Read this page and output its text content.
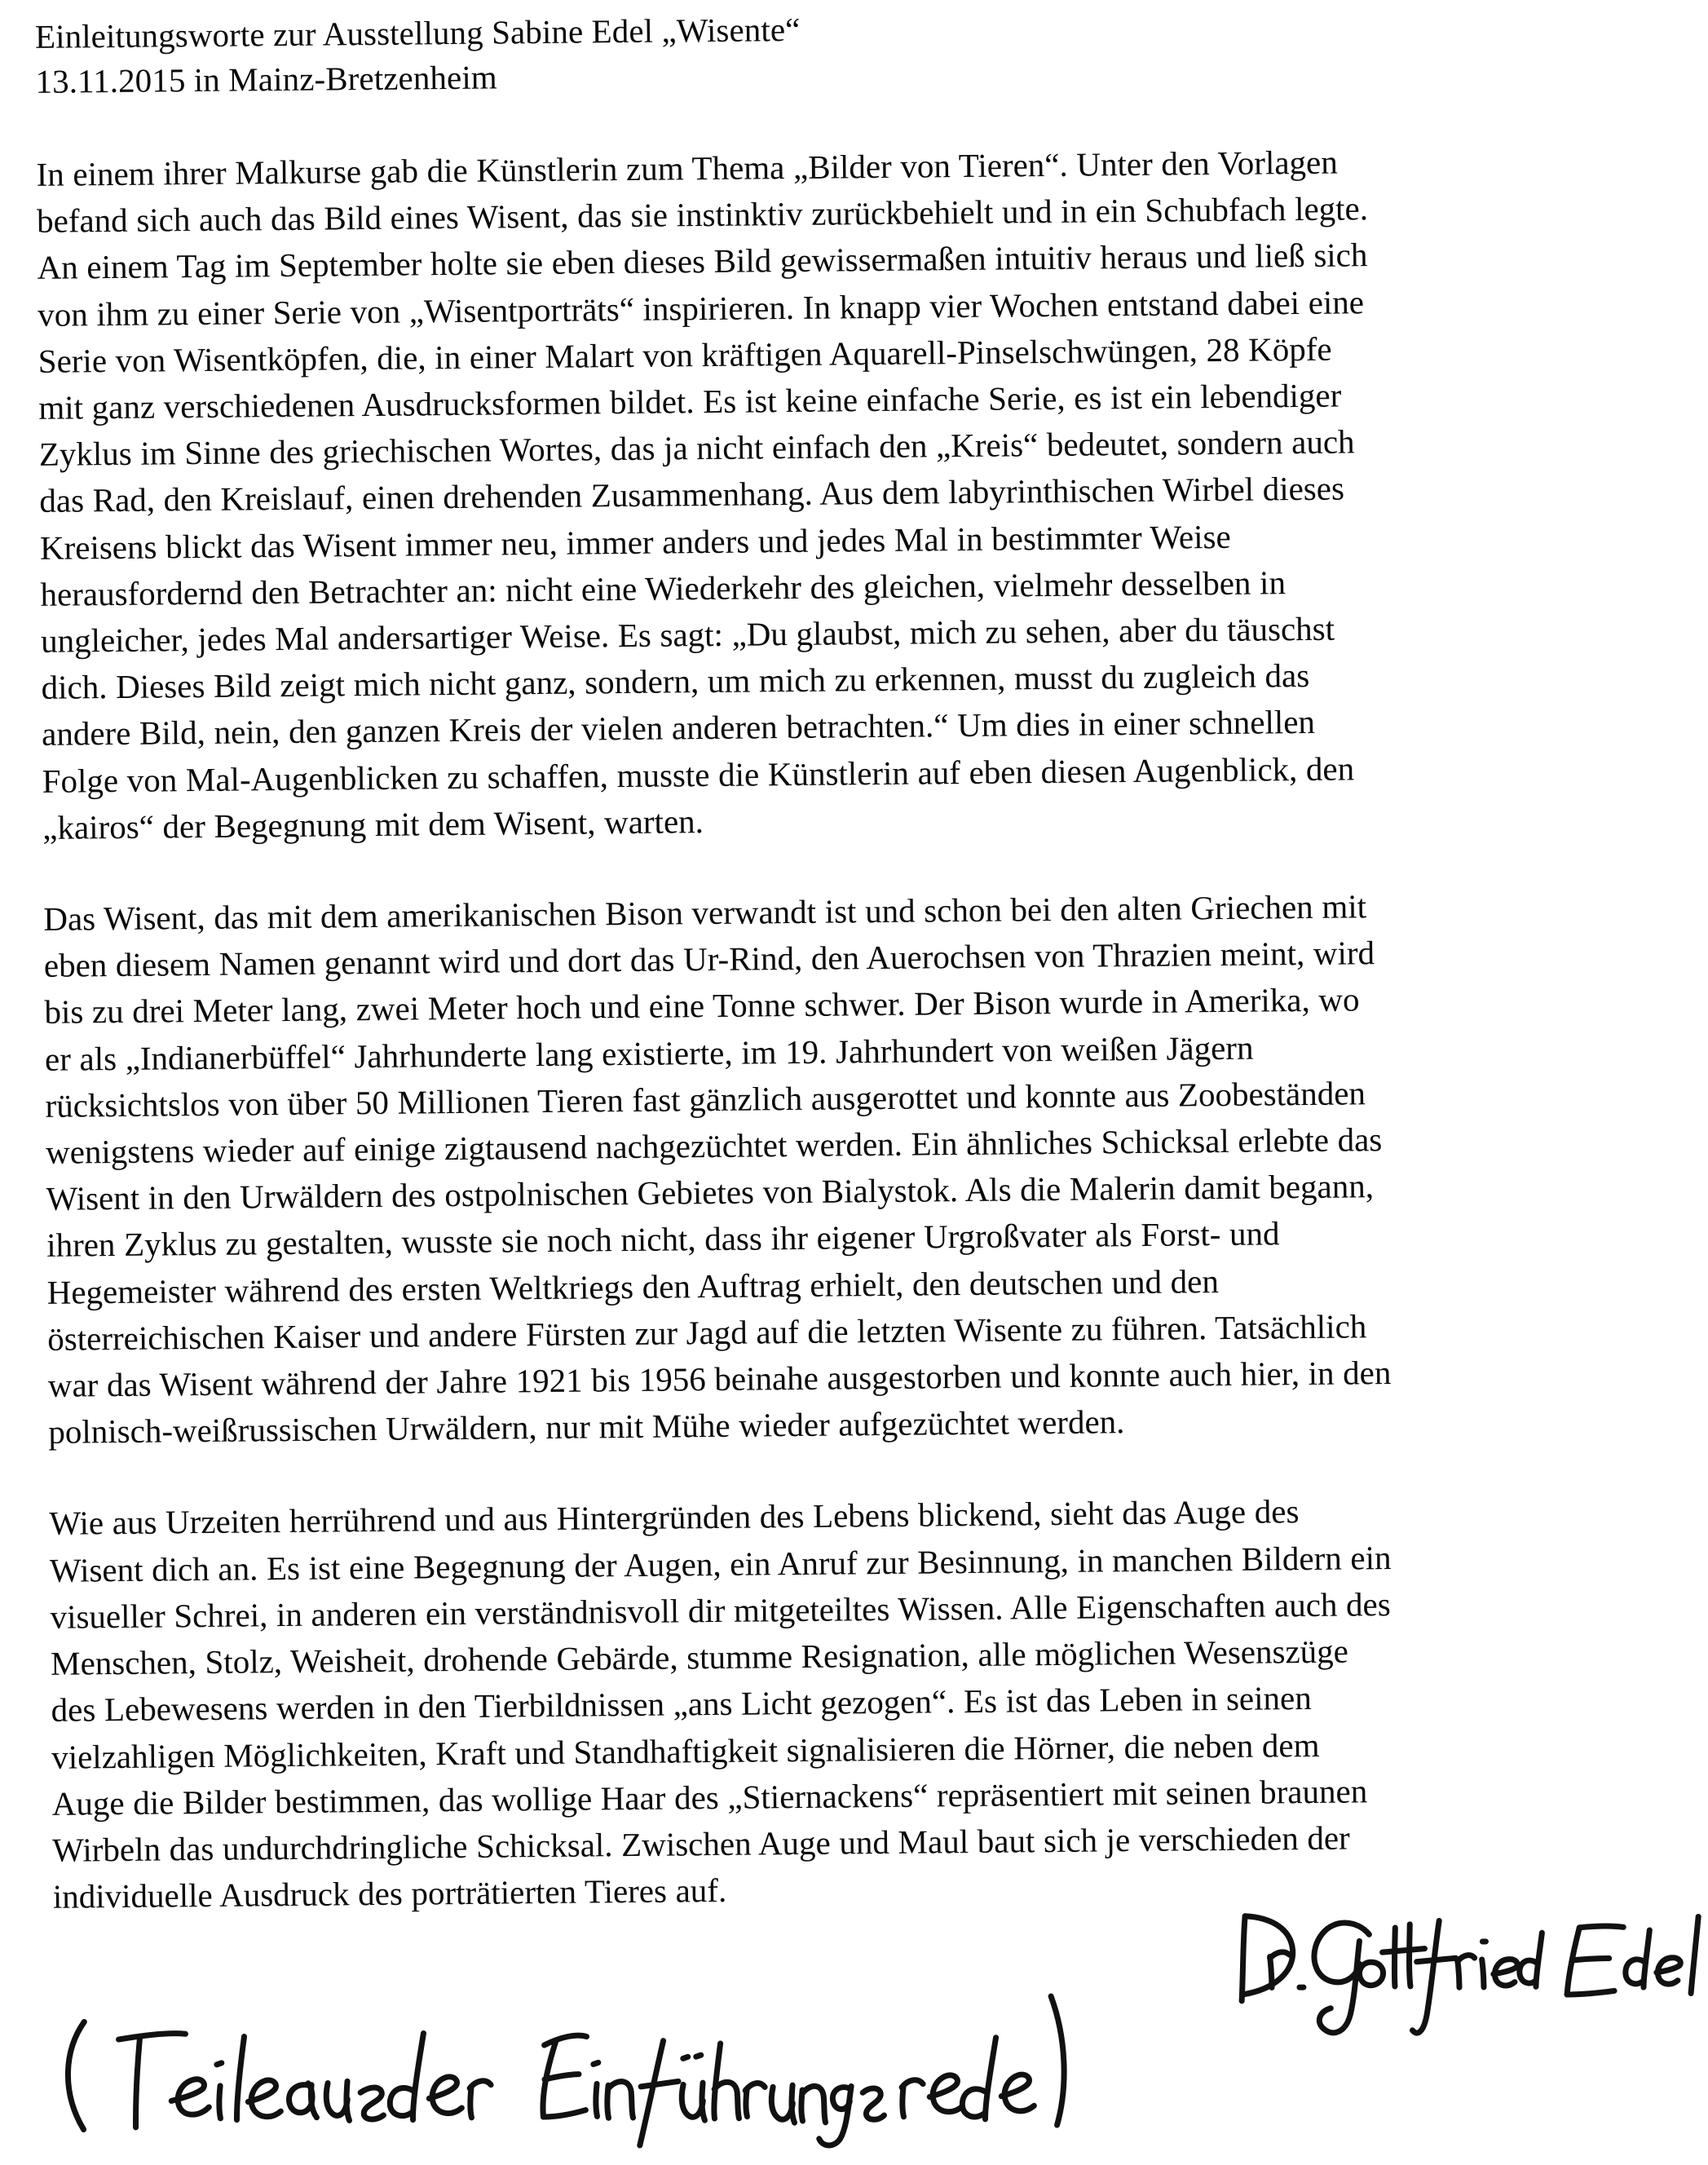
Einleitungsworte zur Ausstellung Sabine Edel „Wisente“
13.11.2015 in Mainz-Bretzenheim
In einem ihrer Malkurse gab die Künstlerin zum Thema „Bilder von Tieren“. Unter den Vorlagen
befand sich auch das Bild eines Wisent, das sie instinktiv zurückbehielt und in ein Schubfach legte.
An einem Tag im September holte sie eben dieses Bild gewissermaßen intuitiv heraus und ließ sich
von ihm zu einer Serie von „Wisentporträts“ inspirieren. In knapp vier Wochen entstand dabei eine
Serie von Wisentköpfen, die, in einer Malart von kräftigen Aquarell-Pinselschwüngen, 28 Köpfe
mit ganz verschiedenen Ausdrucksformen bildet. Es ist keine einfache Serie, es ist ein lebendiger
Zyklus im Sinne des griechischen Wortes, das ja nicht einfach den „Kreis“ bedeutet, sondern auch
das Rad, den Kreislauf, einen drehenden Zusammenhang. Aus dem labyrinthischen Wirbel dieses
Kreisens blickt das Wisent immer neu, immer anders und jedes Mal in bestimmter Weise
herausfordernd den Betrachter an: nicht eine Wiederkehr des gleichen, vielmehr desselben in
ungleicher, jedes Mal andersartiger Weise. Es sagt: „Du glaubst, mich zu sehen, aber du täuschst
dich. Dieses Bild zeigt mich nicht ganz, sondern, um mich zu erkennen, musst du zugleich das
andere Bild, nein, den ganzen Kreis der vielen anderen betrachten.“ Um dies in einer schnellen
Folge von Mal-Augenblicken zu schaffen, musste die Künstlerin auf eben diesen Augenblick, den
„kairos“ der Begegnung mit dem Wisent, warten.
Das Wisent, das mit dem amerikanischen Bison verwandt ist und schon bei den alten Griechen mit
eben diesem Namen genannt wird und dort das Ur-Rind, den Auerochsen von Thrazien meint, wird
bis zu drei Meter lang, zwei Meter hoch und eine Tonne schwer. Der Bison wurde in Amerika, wo
er als „Indianerbüffel“ Jahrhunderte lang existierte, im 19. Jahrhundert von weißen Jägern
rücksichtslos von über 50 Millionen Tieren fast gänzlich ausgerottet und konnte aus Zoobeständen
wenigstens wieder auf einige zigtausend nachgezüchtet werden. Ein ähnliches Schicksal erlebte das
Wisent in den Urwäldern des ostpolnischen Gebietes von Bialystok. Als die Malerin damit begann,
ihren Zyklus zu gestalten, wusste sie noch nicht, dass ihr eigener Urgroßvater als Forst- und
Hegemeister während des ersten Weltkriegs den Auftrag erhielt, den deutschen und den
österreichischen Kaiser und andere Fürsten zur Jagd auf die letzten Wisente zu führen. Tatsächlich
war das Wisent während der Jahre 1921 bis 1956 beinahe ausgestorben und konnte auch hier, in den
polnisch-weißrussischen Urwäldern, nur mit Mühe wieder aufgezüchtet werden.
Wie aus Urzeiten herrührend und aus Hintergründen des Lebens blickend, sieht das Auge des
Wisent dich an. Es ist eine Begegnung der Augen, ein Anruf zur Besinnung, in manchen Bildern ein
visueller Schrei, in anderen ein verständnisvoll dir mitgeteiltes Wissen. Alle Eigenschaften auch des
Menschen, Stolz, Weisheit, drohende Gebärde, stumme Resignation, alle möglichen Wesenszüge
des Lebewesens werden in den Tierbildnissen „ans Licht gezogen“. Es ist das Leben in seinen
vielzahligen Möglichkeiten, Kraft und Standhaftigkeit signalisieren die Hörner, die neben dem
Auge die Bilder bestimmen, das wollige Haar des „Stiernackens“ repräsentiert mit seinen braunen
Wirbeln das undurchdringliche Schicksal. Zwischen Auge und Maul baut sich je verschieden der
individuelle Ausdruck des porträtierten Tieres auf.
